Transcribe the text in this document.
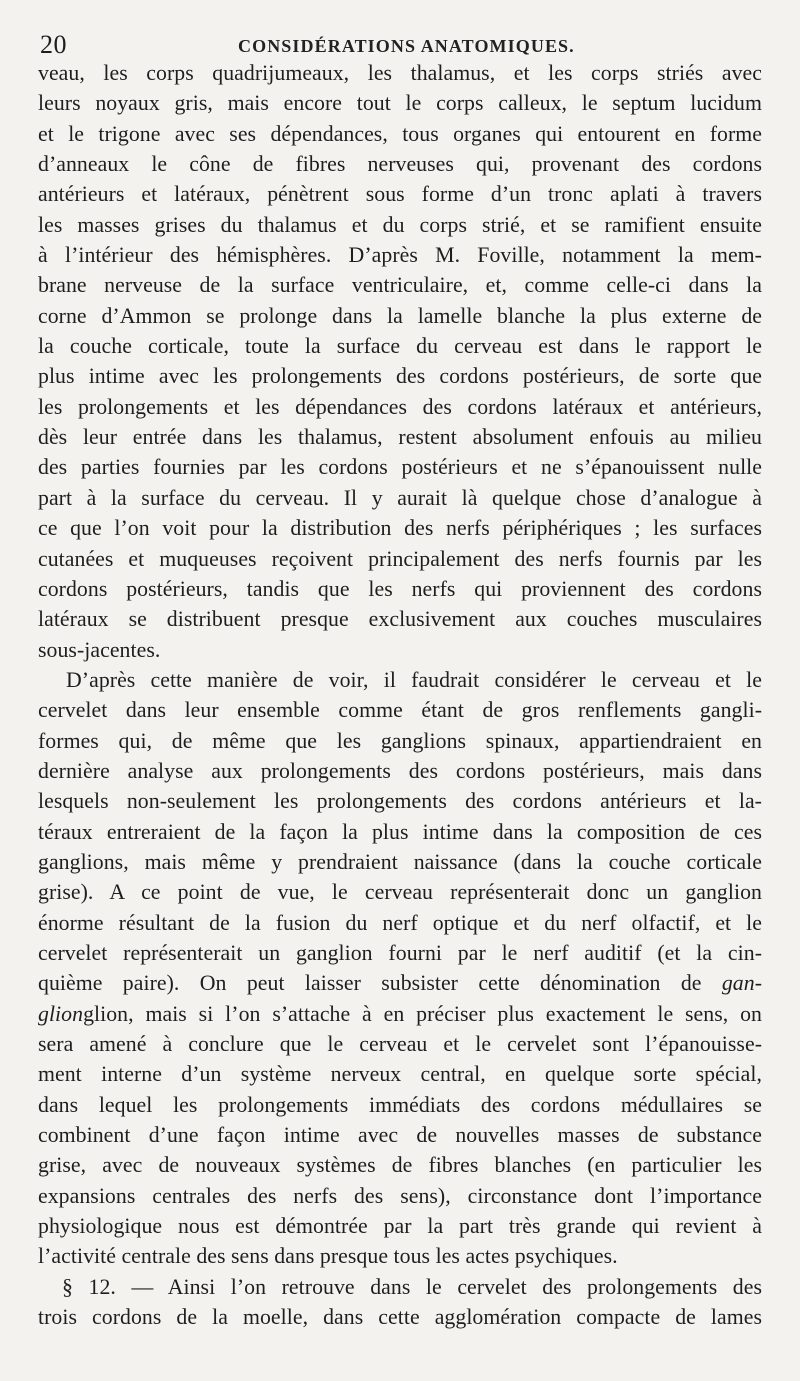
20	CONSIDÉRATIONS ANATOMIQUES.
veau, les corps quadrijumeaux, les thalamus, et les corps striés avec
leurs noyaux gris, mais encore tout le corps calleux, le septum lucidum
et le trigone avec ses dépendances, tous organes qui entourent en forme
d’anneaux le cône de fibres nerveuses qui, provenant des cordons
antérieurs et latéraux, pénètrent sous forme d’un tronc aplati à travers
les masses grises du thalamus et du corps strié, et se ramifient ensuite
à l’intérieur des hémisphères. D’après M. Foville, notamment la mem-
brane nerveuse de la surface ventriculaire, et, comme celle-ci dans la
corne d’Ammon se prolonge dans la lamelle blanche la plus externe de
la couche corticale, toute la surface du cerveau est dans le rapport le
plus intime avec les prolongements des cordons postérieurs, de sorte que
les prolongements et les dépendances des cordons latéraux et antérieurs,
dès leur entrée dans les thalamus, restent absolument enfouis au milieu
des parties fournies par les cordons postérieurs et ne s’épanouissent nulle
part à la surface du cerveau. Il y aurait là quelque chose d’analogue à
ce que l’on voit pour la distribution des nerfs périphériques ; les surfaces
cutanées et muqueuses reçoivent principalement des nerfs fournis par les
cordons postérieurs, tandis que les nerfs qui proviennent des cordons
latéraux se distribuent presque exclusivement aux couches musculaires
sous-jacentes.
D’après cette manière de voir, il faudrait considérer le cerveau et le
cervelet dans leur ensemble comme étant de gros renflements gangli-
formes qui, de même que les ganglions spinaux, appartiendraient en
dernière analyse aux prolongements des cordons postérieurs, mais dans
lesquels non-seulement les prolongements des cordons antérieurs et la-
téraux entreraient de la façon la plus intime dans la composition de ces
ganglions, mais même y prendraient naissance (dans la couche corticale
grise). A ce point de vue, le cerveau représenterait donc un ganglion
énorme résultant de la fusion du nerf optique et du nerf olfactif, et le
cervelet représenterait un ganglion fourni par le nerf auditif (et la cin-
quième paire). On peut laisser subsister cette dénomination de gan-
glionglion, mais si l’on s’attache à en préciser plus exactement le sens, on
sera amené à conclure que le cerveau et le cervelet sont l’épanouisse-
ment interne d’un système nerveux central, en quelque sorte spécial,
dans lequel les prolongements immédiats des cordons médullaires se
combinent d’une façon intime avec de nouvelles masses de substance
grise, avec de nouveaux systèmes de fibres blanches (en particulier les
expansions centrales des nerfs des sens), circonstance dont l’importance
physiologique nous est démontrée par la part très grande qui revient à
l’activité centrale des sens dans presque tous les actes psychiques.
§ 12. — Ainsi l’on retrouve dans le cervelet des prolongements des
trois cordons de la moelle, dans cette agglomération compacte de lames
